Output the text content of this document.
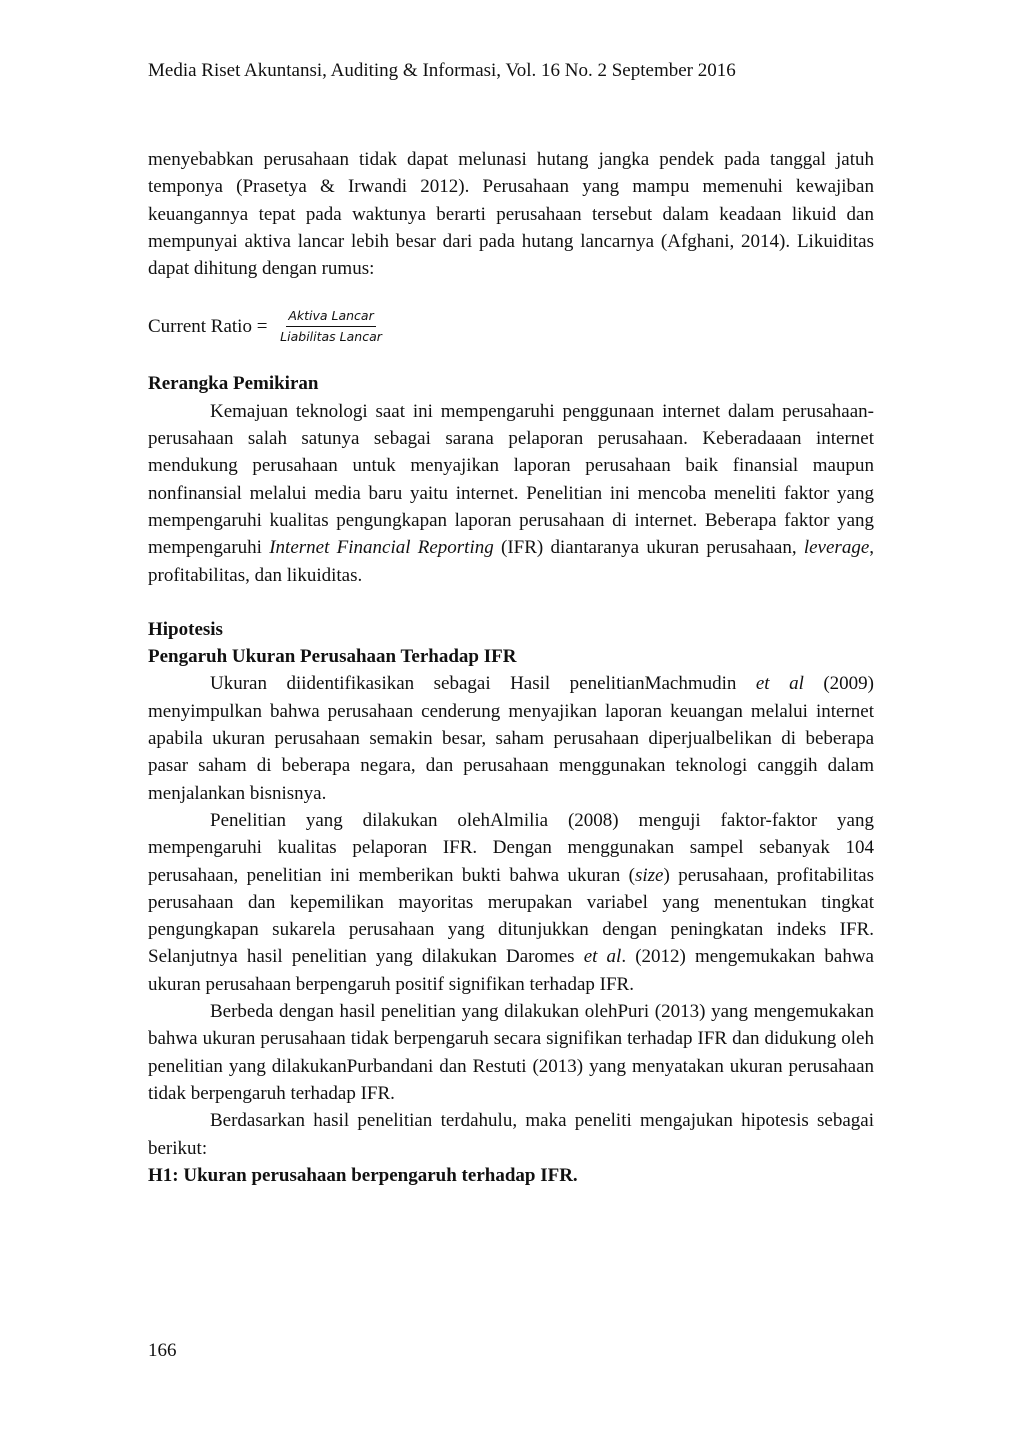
Media Riset Akuntansi, Auditing & Informasi, Vol. 16 No. 2 September 2016

menyebabkan perusahaan tidak dapat melunasi hutang jangka pendek pada tanggal jatuh temponya (Prasetya & Irwandi 2012). Perusahaan yang mampu memenuhi kewajiban keuangannya tepat pada waktunya berarti perusahaan tersebut dalam keadaan likuid dan mempunyai aktiva lancar lebih besar dari pada hutang lancarnya (Afghani, 2014). Likuiditas dapat dihitung dengan rumus:

Current Ratio = $\frac{\text{Aktiva Lancar}}{\text{Liabilitas Lancar}}$
Rerangka Pemikiran

Kemajuan teknologi saat ini mempengaruhi penggunaan internet dalam perusahaan-perusahaan salah satunya sebagai sarana pelaporan perusahaan. Keberadaaan internet mendukung perusahaan untuk menyajikan laporan perusahaan baik finansial maupun nonfinansial melalui media baru yaitu internet. Penelitian ini mencoba meneliti faktor yang mempengaruhi kualitas pengungkapan laporan perusahaan di internet. Beberapa faktor yang mempengaruhi Internet Financial Reporting (IFR) diantaranya ukuran perusahaan, leverage, profitabilitas, dan likuiditas.

Hipotesis
Pengaruh Ukuran Perusahaan Terhadap IFR

Ukuran diidentifikasikan sebagai Hasil penelitianMachmudin et al (2009) menyimpulkan bahwa perusahaan cenderung menyajikan laporan keuangan melalui internet apabila ukuran perusahaan semakin besar, saham perusahaan diperjualbelikan di beberapa pasar saham di beberapa negara, dan perusahaan menggunakan teknologi canggih dalam menjalankan bisnisnya.

Penelitian yang dilakukan olehAlmilia (2008) menguji faktor-faktor yang mempengaruhi kualitas pelaporan IFR. Dengan menggunakan sampel sebanyak 104 perusahaan, penelitian ini memberikan bukti bahwa ukuran (size) perusahaan, profitabilitas perusahaan dan kepemilikan mayoritas merupakan variabel yang menentukan tingkat pengungkapan sukarela perusahaan yang ditunjukkan dengan peningkatan indeks IFR. Selanjutnya hasil penelitian yang dilakukan Daromes et al. (2012) mengemukakan bahwa ukuran perusahaan berpengaruh positif signifikan terhadap IFR.

Berbeda dengan hasil penelitian yang dilakukan olehPuri (2013) yang mengemukakan bahwa ukuran perusahaan tidak berpengaruh secara signifikan terhadap IFR dan didukung oleh penelitian yang dilakukanPurbandani dan Restuti (2013) yang menyatakan ukuran perusahaan tidak berpengaruh terhadap IFR.

Berdasarkan hasil penelitian terdahulu, maka peneliti mengajukan hipotesis sebagai berikut:

H1: Ukuran perusahaan berpengaruh terhadap IFR.

166
